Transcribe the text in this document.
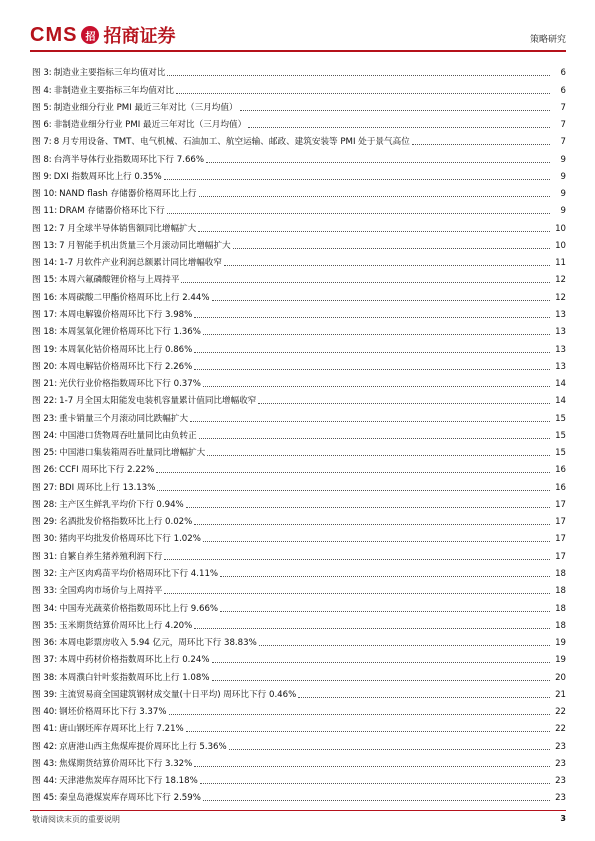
CMS 招 招商证券	策略研究
图 3: 制造业主要指标三年均值对比	6
图 4: 非制造业主要指标三年均值对比	6
图 5: 制造业细分行业 PMI 最近三年对比（三月均值）	7
图 6: 非制造业细分行业 PMI 最近三年对比（三月均值）	7
图 7: 8 月专用设备、TMT、电气机械、石油加工、航空运输、邮政、建筑安装等 PMI 处于景气高位	7
图 8: 台湾半导体行业指数周环比下行 7.66%	9
图 9: DXI 指数周环比上行 0.35%	9
图 10: NAND flash 存储器价格周环比上行	9
图 11: DRAM 存储器价格环比下行	9
图 12: 7 月全球半导体销售额同比增幅扩大	10
图 13: 7 月智能手机出货量三个月滚动同比增幅扩大	10
图 14: 1-7 月软件产业利润总额累计同比增幅收窄	11
图 15: 本周六氟磷酸锂价格与上周持平	12
图 16: 本周碳酸二甲酯价格周环比上行 2.44%	12
图 17: 本周电解镍价格周环比下行 3.98%	13
图 18: 本周氢氧化锂价格周环比下行 1.36%	13
图 19: 本周氧化钴价格周环比上行 0.86%	13
图 20: 本周电解钴价格周环比下行 2.26%	13
图 21: 光伏行业价格指数周环比下行 0.37%	14
图 22: 1-7 月全国太阳能发电装机容量累计值同比增幅收窄	14
图 23: 重卡销量三个月滚动同比跌幅扩大	15
图 24: 中国港口货物周吞吐量同比由负转正	15
图 25: 中国港口集装箱周吞吐量同比增幅扩大	15
图 26: CCFI 周环比下行 2.22%	16
图 27: BDI 周环比上行 13.13%	16
图 28: 主产区生鲜乳平均价下行 0.94%	17
图 29: 名酒批发价格指数环比上行 0.02%	17
图 30: 猪肉平均批发价格周环比下行 1.02%	17
图 31: 自繁自养生猪养殖利润下行	17
图 32: 主产区肉鸡苗平均价格周环比下行 4.11%	18
图 33: 全国鸡肉市场价与上周持平	18
图 34: 中国寿光蔬菜价格指数周环比上行 9.66%	18
图 35: 玉米期货结算价周环比上行 4.20%	18
图 36: 本周电影票房收入 5.94 亿元，周环比下行 38.83%	19
图 37: 本周中药材价格指数周环比上行 0.24%	19
图 38: 本周濮白针叶浆指数周环比上行 1.08%	20
图 39: 主流贸易商全国建筑钢材成交量(十日平均) 周环比下行 0.46%	21
图 40: 钢坯价格周环比下行 3.37%	22
图 41: 唐山钢坯库存周环比上行 7.21%	22
图 42: 京唐港山西主焦煤库提价周环比上行 5.36%	23
图 43: 焦煤期货结算价周环比下行 3.32%	23
图 44: 天津港焦炭库存周环比下行 18.18%	23
图 45: 秦皇岛港煤炭库存周环比下行 2.59%	23
敬请阅读末页的重要说明	3
